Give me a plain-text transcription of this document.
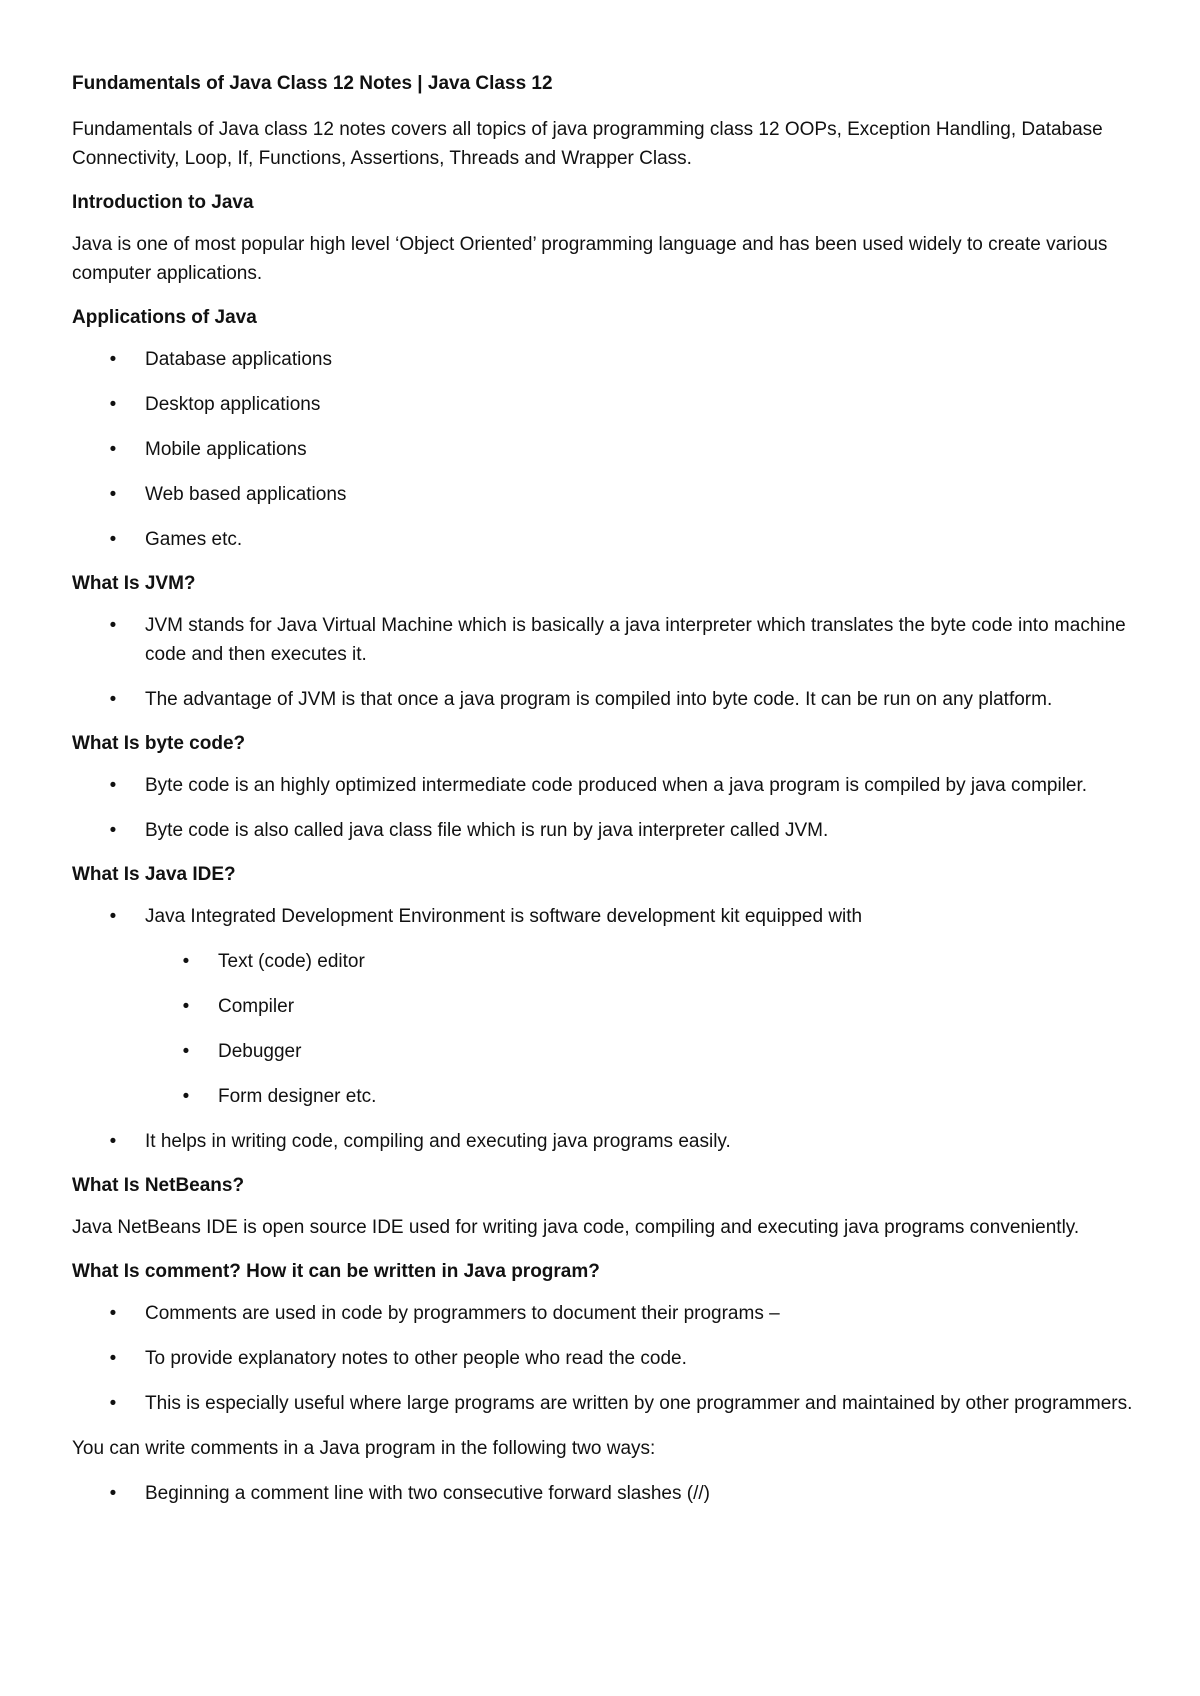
Fundamentals of Java Class 12 Notes | Java Class 12

Fundamentals of Java class 12 notes covers all topics of java programming class 12 OOPs, Exception Handling, Database Connectivity, Loop, If, Functions, Assertions, Threads and Wrapper Class.

Introduction to Java

Java is one of most popular high level ‘Object Oriented’ programming language and has been used widely to create various computer applications.

Applications of Java
• Database applications
• Desktop applications
• Mobile applications
• Web based applications
• Games etc.
What Is JVM?
• JVM stands for Java Virtual Machine which is basically a java interpreter which translates the byte code into machine code and then executes it.
• The advantage of JVM is that once a java program is compiled into byte code. It can be run on any platform.
What Is byte code?
• Byte code is an highly optimized intermediate code produced when a java program is compiled by java compiler.
• Byte code is also called java class file which is run by java interpreter called JVM.
What Is Java IDE?
• Java Integrated Development Environment is software development kit equipped with
• Text (code) editor
• Compiler
• Debugger
• Form designer etc.
• It helps in writing code, compiling and executing java programs easily.
What Is NetBeans?

Java NetBeans IDE is open source IDE used for writing java code, compiling and executing java programs conveniently.

What Is comment? How it can be written in Java program?
• Comments are used in code by programmers to document their programs –
• To provide explanatory notes to other people who read the code.
• This is especially useful where large programs are written by one programmer and maintained by other programmers.

You can write comments in a Java program in the following two ways:

• Beginning a comment line with two consecutive forward slashes (//)
